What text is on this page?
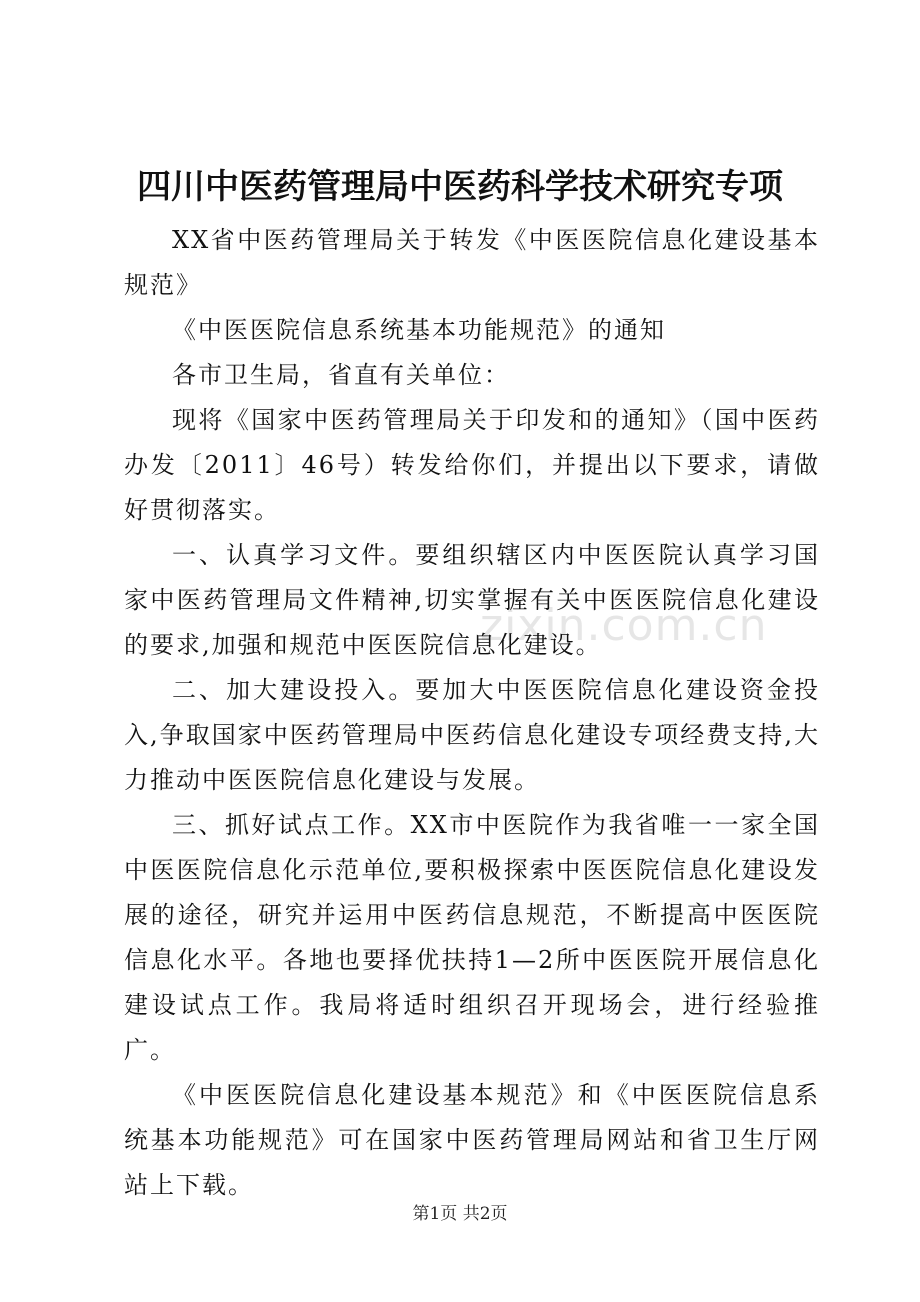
四川中医药管理局中医药科学技术研究专项
zixin.com.cn

XX省中医药管理局关于转发《中医医院信息化建设基本规范》

《中医医院信息系统基本功能规范》的通知

各市卫生局，省直有关单位：

现将《国家中医药管理局关于印发和的通知》（国中医药办发〔2011〕46号）转发给你们，并提出以下要求，请做好贯彻落实。

一、认真学习文件。要组织辖区内中医医院认真学习国家中医药管理局文件精神,切实掌握有关中医医院信息化建设的要求,加强和规范中医医院信息化建设。

二、加大建设投入。要加大中医医院信息化建设资金投入,争取国家中医药管理局中医药信息化建设专项经费支持,大力推动中医医院信息化建设与发展。

三、抓好试点工作。XX市中医院作为我省唯一一家全国中医医院信息化示范单位,要积极探索中医医院信息化建设发展的途径，研究并运用中医药信息规范，不断提高中医医院信息化水平。各地也要择优扶持1—2所中医医院开展信息化建设试点工作。我局将适时组织召开现场会，进行经验推广。

《中医医院信息化建设基本规范》和《中医医院信息系统基本功能规范》可在国家中医药管理局网站和省卫生厅网站上下载。

第1页 共2页
